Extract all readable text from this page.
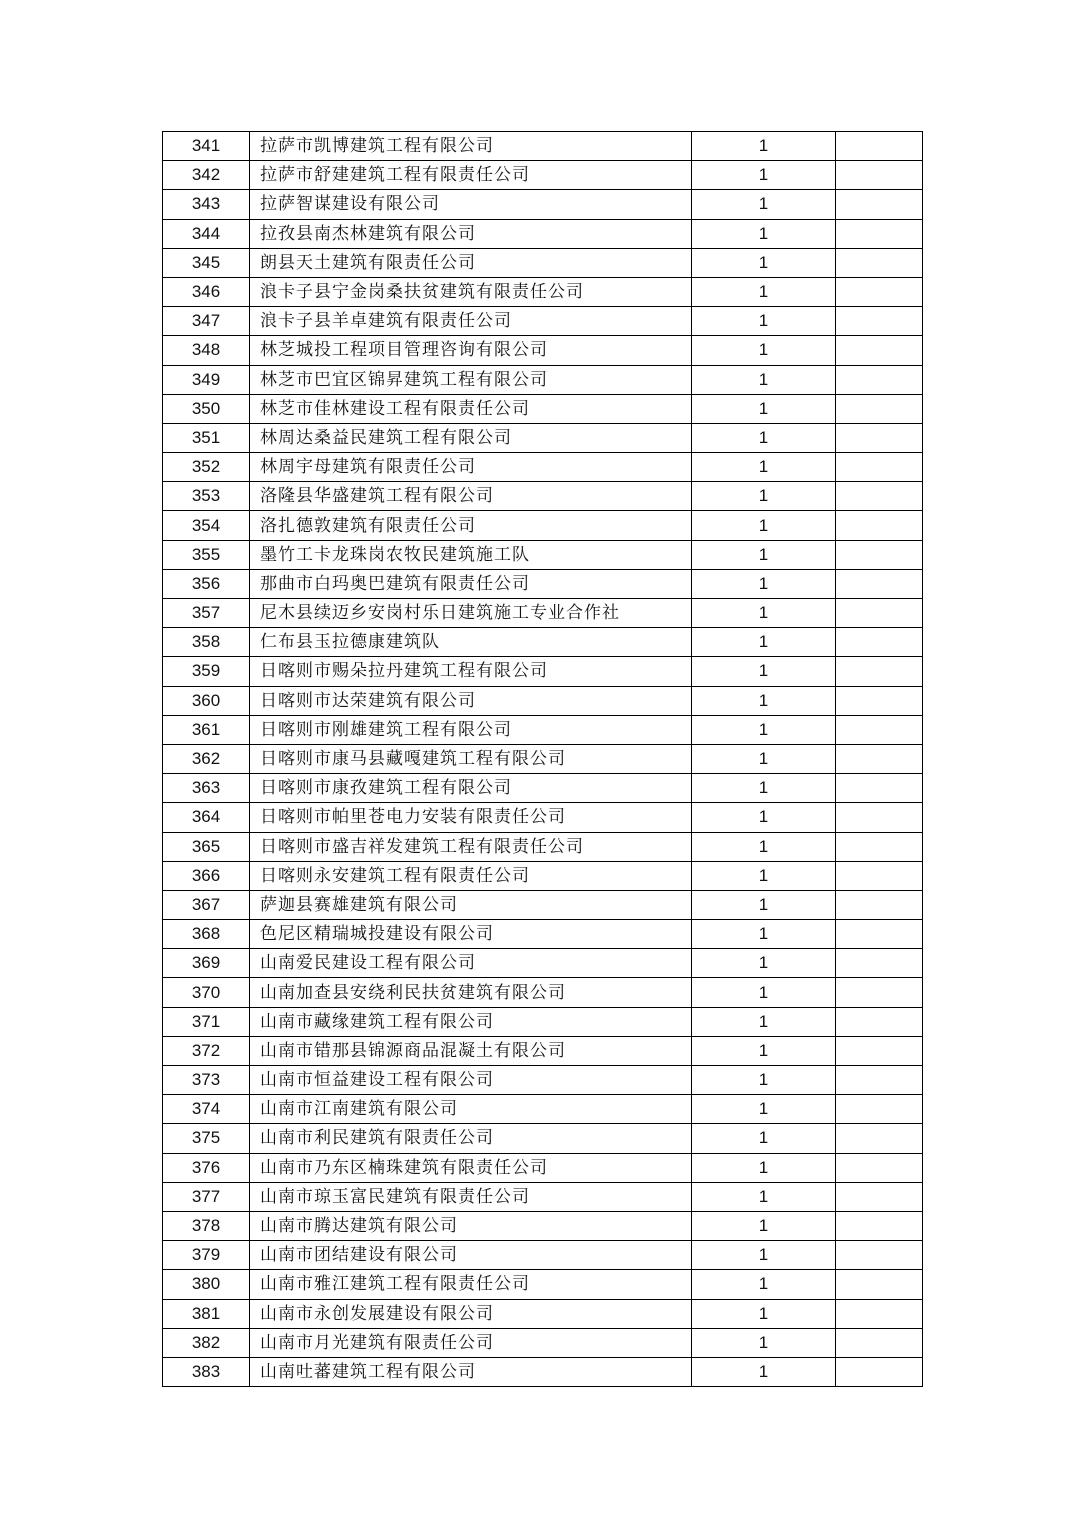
341	拉萨市凯博建筑工程有限公司	1	
342	拉萨市舒建建筑工程有限责任公司	1	
343	拉萨智谋建设有限公司	1	
344	拉孜县南杰林建筑有限公司	1	
345	朗县天土建筑有限责任公司	1	
346	浪卡子县宁金岗桑扶贫建筑有限责任公司	1	
347	浪卡子县羊卓建筑有限责任公司	1	
348	林芝城投工程项目管理咨询有限公司	1	
349	林芝市巴宜区锦昇建筑工程有限公司	1	
350	林芝市佳林建设工程有限责任公司	1	
351	林周达桑益民建筑工程有限公司	1	
352	林周宇母建筑有限责任公司	1	
353	洛隆县华盛建筑工程有限公司	1	
354	洛扎德敦建筑有限责任公司	1	
355	墨竹工卡龙珠岗农牧民建筑施工队	1	
356	那曲市白玛奥巴建筑有限责任公司	1	
357	尼木县续迈乡安岗村乐日建筑施工专业合作社	1	
358	仁布县玉拉德康建筑队	1	
359	日喀则市赐朵拉丹建筑工程有限公司	1	
360	日喀则市达荣建筑有限公司	1	
361	日喀则市刚雄建筑工程有限公司	1	
362	日喀则市康马县藏嘎建筑工程有限公司	1	
363	日喀则市康孜建筑工程有限公司	1	
364	日喀则市帕里苍电力安装有限责任公司	1	
365	日喀则市盛吉祥发建筑工程有限责任公司	1	
366	日喀则永安建筑工程有限责任公司	1	
367	萨迦县赛雄建筑有限公司	1	
368	色尼区精瑞城投建设有限公司	1	
369	山南爱民建设工程有限公司	1	
370	山南加查县安绕利民扶贫建筑有限公司	1	
371	山南市藏缘建筑工程有限公司	1	
372	山南市错那县锦源商品混凝土有限公司	1	
373	山南市恒益建设工程有限公司	1	
374	山南市江南建筑有限公司	1	
375	山南市利民建筑有限责任公司	1	
376	山南市乃东区楠珠建筑有限责任公司	1	
377	山南市琼玉富民建筑有限责任公司	1	
378	山南市腾达建筑有限公司	1	
379	山南市团结建设有限公司	1	
380	山南市雅江建筑工程有限责任公司	1	
381	山南市永创发展建设有限公司	1	
382	山南市月光建筑有限责任公司	1	
383	山南吐蕃建筑工程有限公司	1	
